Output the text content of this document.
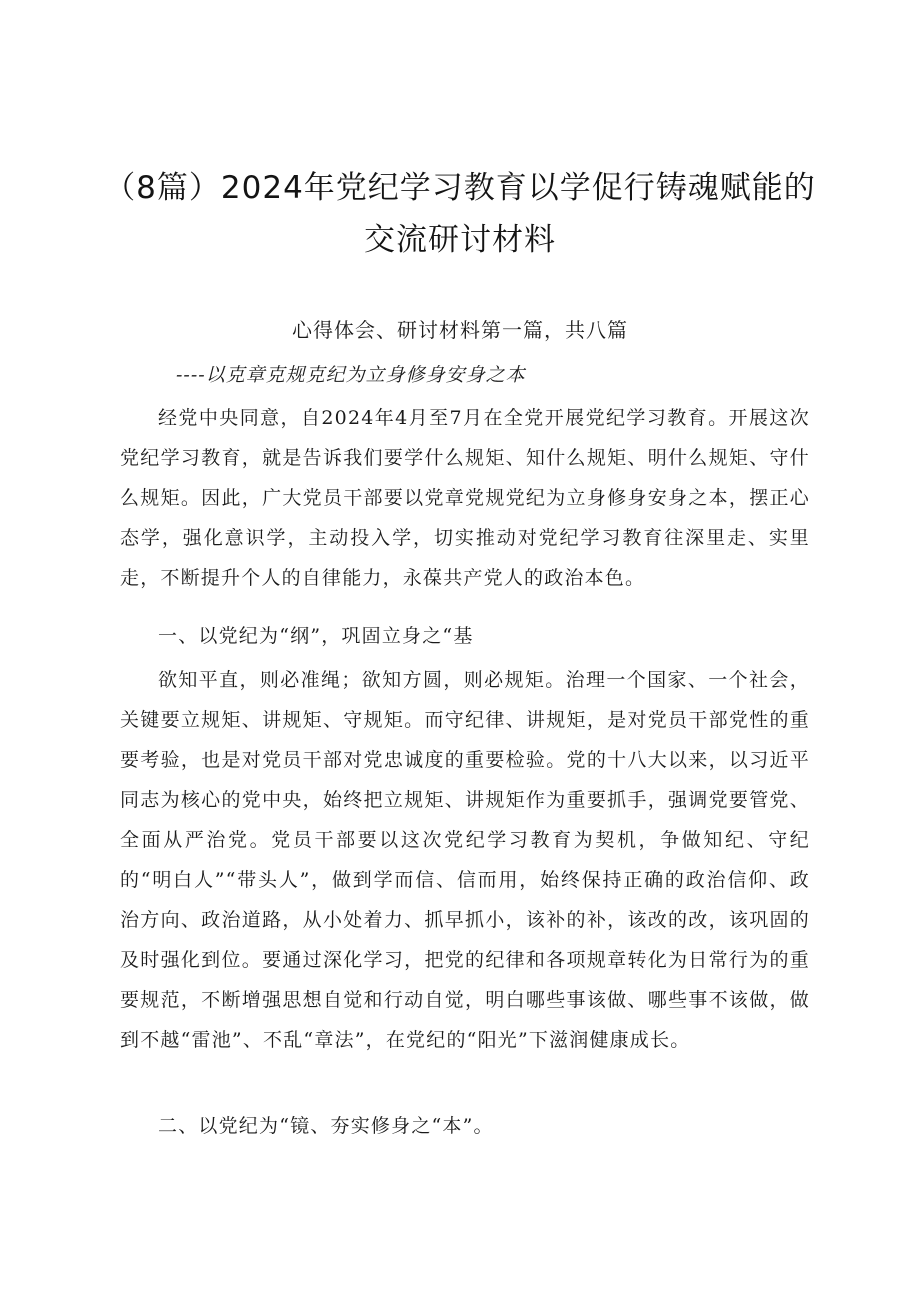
（8篇）2024年党纪学习教育以学促行铸魂赋能的交流研讨材料
心得体会、研讨材料第一篇，共八篇
----以克章克规克纪为立身修身安身之本

经党中央同意，自2024年4月至7月在全党开展党纪学习教育。开展这次党纪学习教育，就是告诉我们要学什么规矩、知什么规矩、明什么规矩、守什么规矩。因此，广大党员干部要以党章党规党纪为立身修身安身之本，摆正心态学，强化意识学，主动投入学，切实推动对党纪学习教育往深里走、实里走，不断提升个人的自律能力，永葆共产党人的政治本色。

一、以党纪为“纲”，巩固立身之“基

欲知平直，则必准绳；欲知方圆，则必规矩。治理一个国家、一个社会，关键要立规矩、讲规矩、守规矩。而守纪律、讲规矩，是对党员干部党性的重要考验，也是对党员干部对党忠诚度的重要检验。党的十八大以来，以习近平同志为核心的党中央，始终把立规矩、讲规矩作为重要抓手，强调党要管党、全面从严治党。党员干部要以这次党纪学习教育为契机，争做知纪、守纪的“明白人”“带头人”，做到学而信、信而用，始终保持正确的政治信仰、政治方向、政治道路，从小处着力、抓早抓小，该补的补，该改的改，该巩固的及时强化到位。要通过深化学习，把党的纪律和各项规章转化为日常行为的重要规范，不断增强思想自觉和行动自觉，明白哪些事该做、哪些事不该做，做到不越“雷池”、不乱“章法”，在党纪的“阳光”下滋润健康成长。

二、以党纪为“镜、夯实修身之“本”。
